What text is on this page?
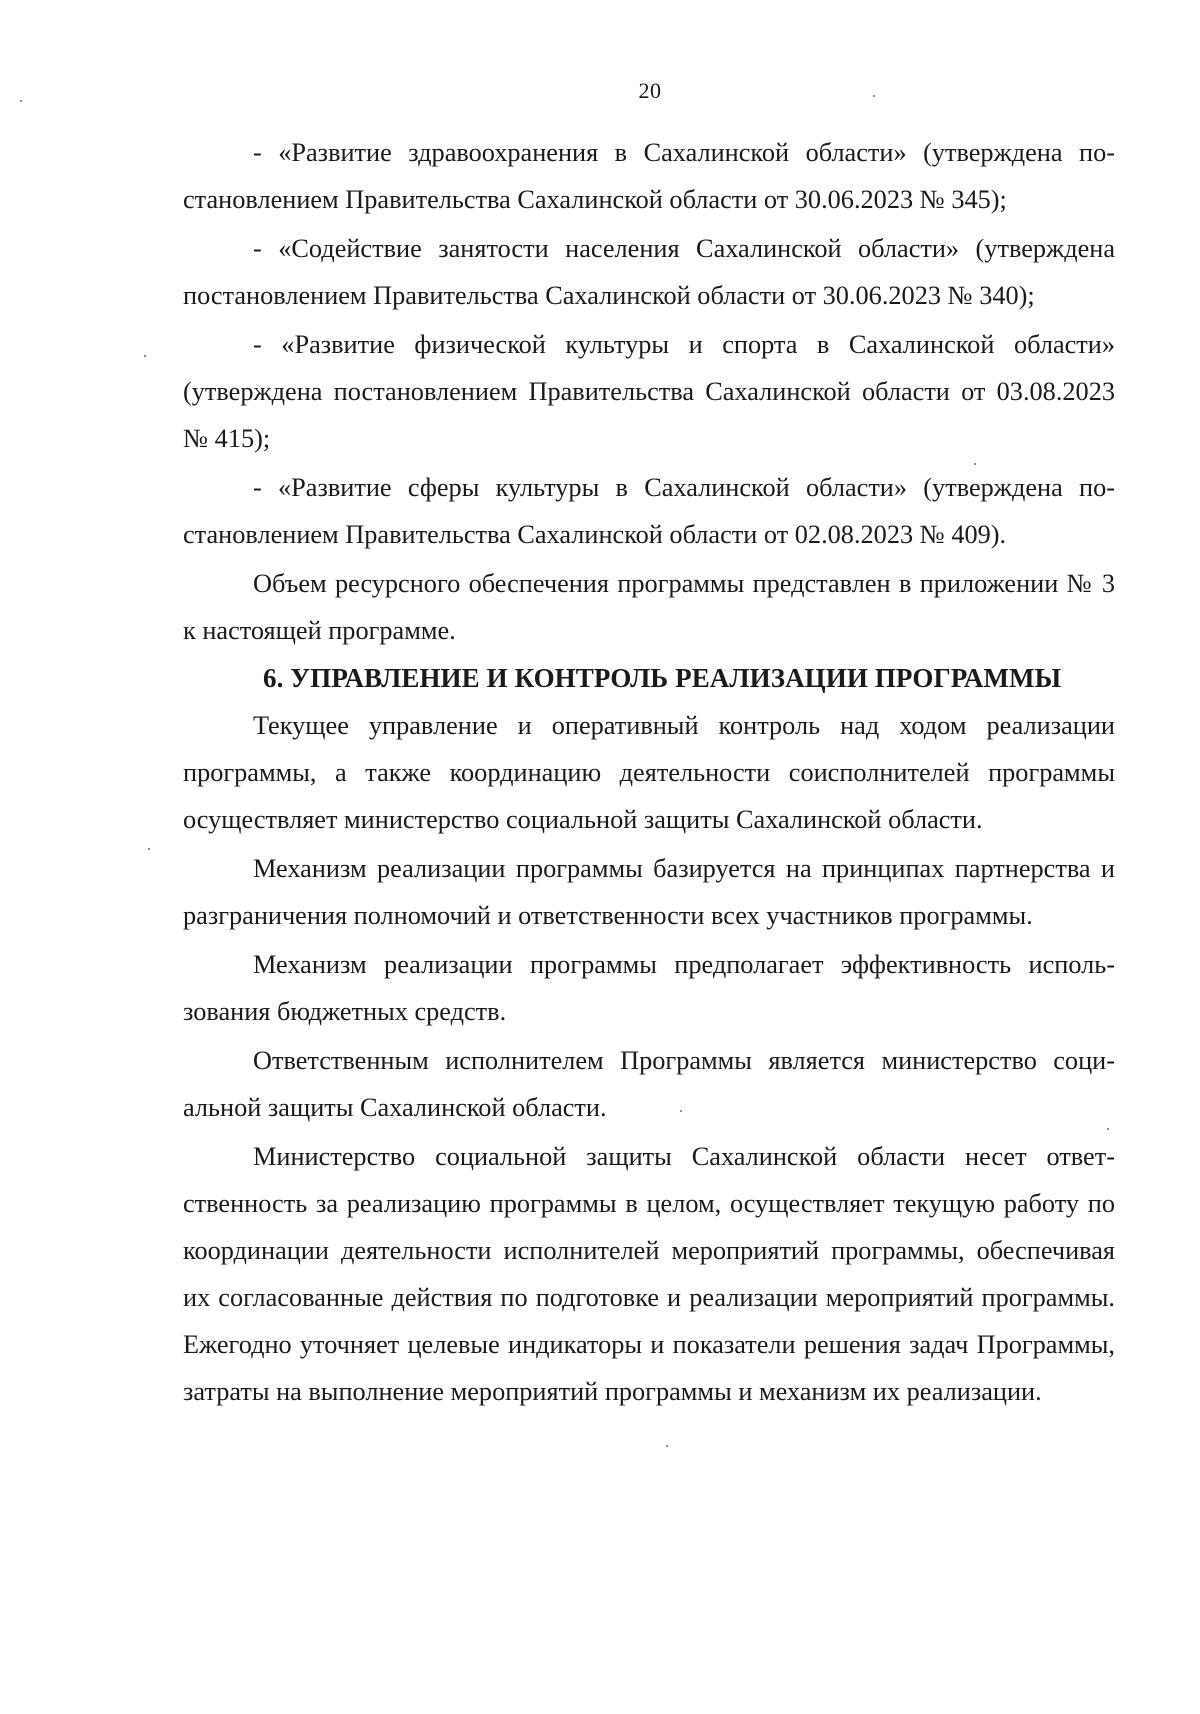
20

- «Развитие здравоохранения в Сахалинской области» (утверждена постановлением Правительства Сахалинской области от 30.06.2023 № 345);

- «Содействие занятости населения Сахалинской области» (утверждена постановлением Правительства Сахалинской области от 30.06.2023 № 340);

- «Развитие физической культуры и спорта в Сахалинской области» (утверждена постановлением Правительства Сахалинской области от 03.08.2023 № 415);

- «Развитие сферы культуры в Сахалинской области» (утверждена постановлением Правительства Сахалинской области от 02.08.2023 № 409).

Объем ресурсного обеспечения программы представлен в приложении № 3 к настоящей программе.

6. УПРАВЛЕНИЕ И КОНТРОЛЬ РЕАЛИЗАЦИИ ПРОГРАММЫ

Текущее управление и оперативный контроль над ходом реализации программы, а также координацию деятельности соисполнителей программы осуществляет министерство социальной защиты Сахалинской области.

Механизм реализации программы базируется на принципах партнерства и разграничения полномочий и ответственности всех участников программы.

Механизм реализации программы предполагает эффективность использования бюджетных средств.

Ответственным исполнителем Программы является министерство социальной защиты Сахалинской области.

Министерство социальной защиты Сахалинской области несет ответственность за реализацию программы в целом, осуществляет текущую работу по координации деятельности исполнителей мероприятий программы, обеспечивая их согласованные действия по подготовке и реализации мероприятий программы. Ежегодно уточняет целевые индикаторы и показатели решения задач Программы, затраты на выполнение мероприятий программы и механизм их реализации.
